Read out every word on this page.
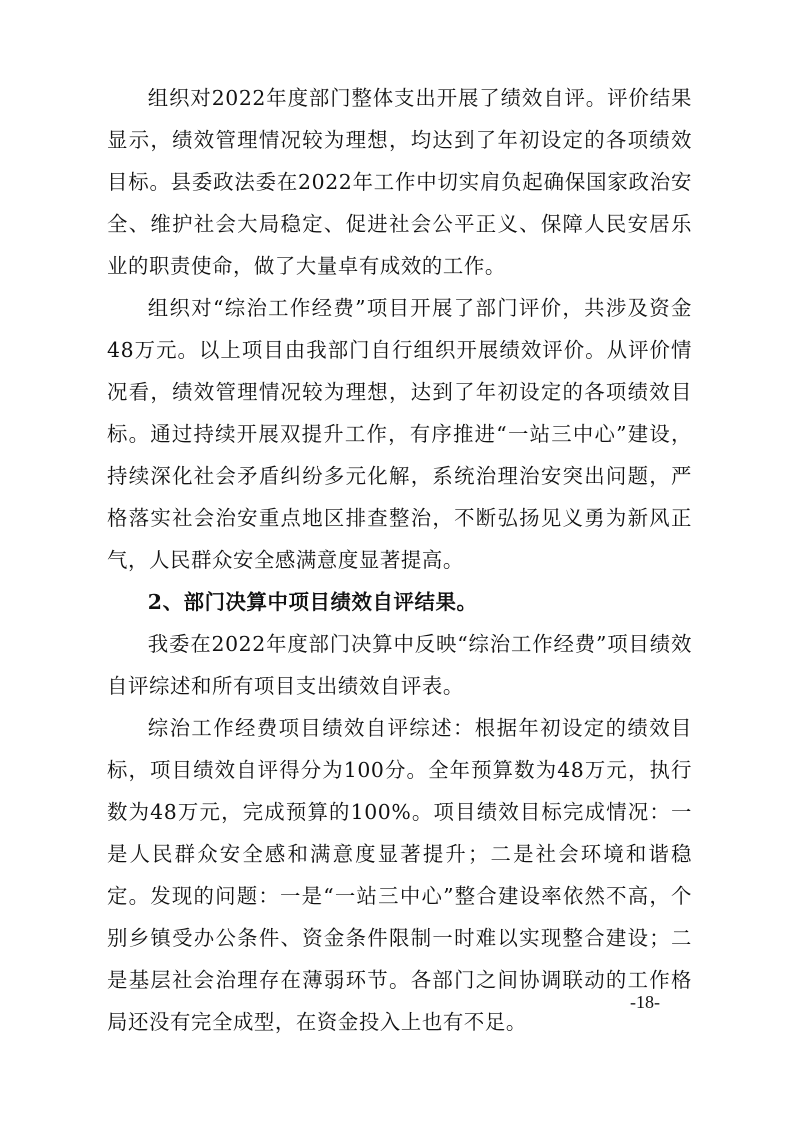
组织对2022年度部门整体支出开展了绩效自评。评价结果显示，绩效管理情况较为理想，均达到了年初设定的各项绩效目标。县委政法委在2022年工作中切实肩负起确保国家政治安全、维护社会大局稳定、促进社会公平正义、保障人民安居乐业的职责使命，做了大量卓有成效的工作。

组织对“综治工作经费”项目开展了部门评价，共涉及资金48万元。以上项目由我部门自行组织开展绩效评价。从评价情况看，绩效管理情况较为理想，达到了年初设定的各项绩效目标。通过持续开展双提升工作，有序推进“一站三中心”建设，持续深化社会矛盾纠纷多元化解，系统治理治安突出问题，严格落实社会治安重点地区排查整治，不断弘扬见义勇为新风正气，人民群众安全感满意度显著提高。

2、部门决算中项目绩效自评结果。

我委在2022年度部门决算中反映“综治工作经费”项目绩效自评综述和所有项目支出绩效自评表。

综治工作经费项目绩效自评综述：根据年初设定的绩效目标，项目绩效自评得分为100分。全年预算数为48万元，执行数为48万元，完成预算的100%。项目绩效目标完成情况：一是人民群众安全感和满意度显著提升；二是社会环境和谐稳定。发现的问题：一是“一站三中心”整合建设率依然不高，个别乡镇受办公条件、资金条件限制一时难以实现整合建设；二是基层社会治理存在薄弱环节。各部门之间协调联动的工作格局还没有完全成型，在资金投入上也有不足。

-18-
